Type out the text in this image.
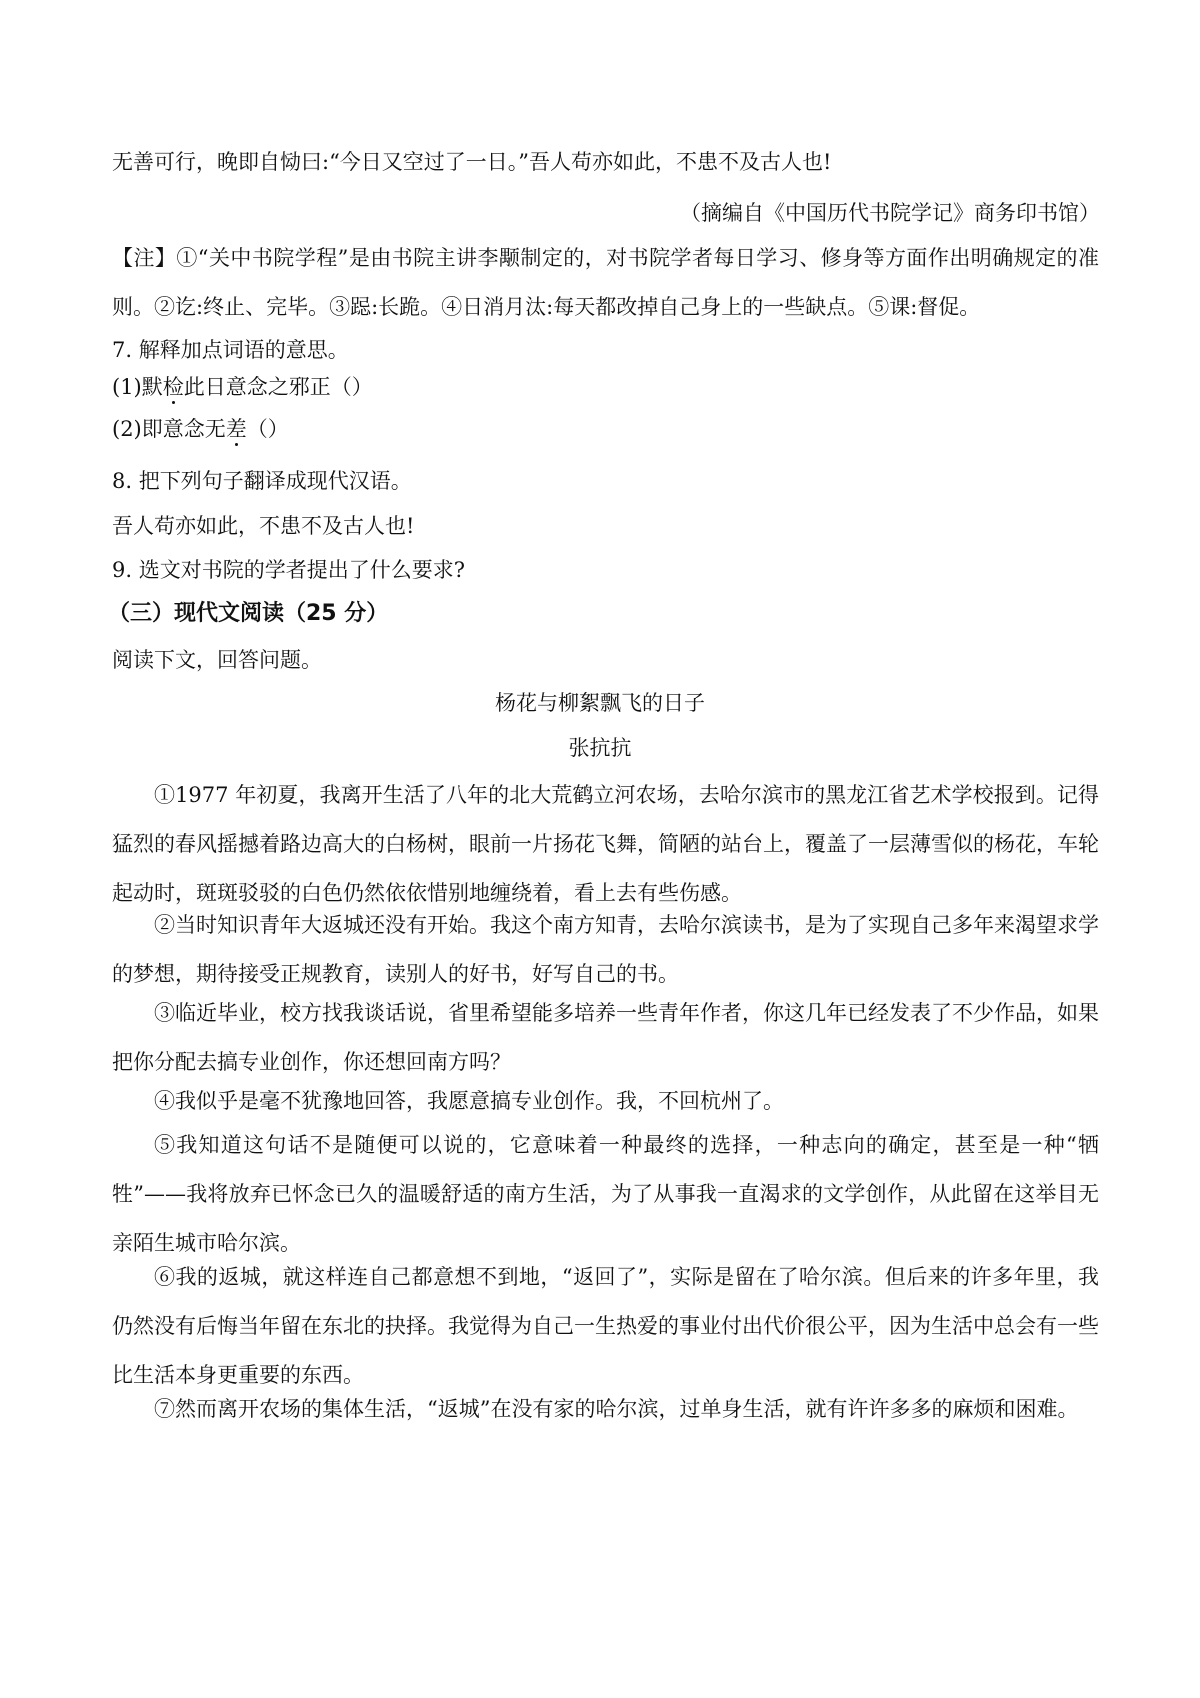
无善可行，晚即自恸曰:“今日又空过了一日。”吾人苟亦如此，不患不及古人也!
（摘编自《中国历代书院学记》商务印书馆）
【注】①“关中书院学程”是由书院主讲李颙制定的，对书院学者每日学习、修身等方面作出明确规定的准则。②讫:终止、完毕。③跽:长跪。④日消月汰:每天都改掉自己身上的一些缺点。⑤课:督促。
7. 解释加点词语的意思。
(1)默检此日意念之邪正（）
(2)即意念无差（）
8. 把下列句子翻译成现代汉语。
吾人苟亦如此，不患不及古人也!
9. 选文对书院的学者提出了什么要求?
（三）现代文阅读（25 分）
阅读下文，回答问题。
杨花与柳絮飘飞的日子
张抗抗
①1977 年初夏，我离开生活了八年的北大荒鹤立河农场，去哈尔滨市的黑龙江省艺术学校报到。记得猛烈的春风摇撼着路边高大的白杨树，眼前一片扬花飞舞，简陋的站台上，覆盖了一层薄雪似的杨花，车轮起动时，斑斑驳驳的白色仍然依依惜别地缠绕着，看上去有些伤感。
②当时知识青年大返城还没有开始。我这个南方知青，去哈尔滨读书，是为了实现自己多年来渴望求学的梦想，期待接受正规教育，读别人的好书，好写自己的书。
③临近毕业，校方找我谈话说，省里希望能多培养一些青年作者，你这几年已经发表了不少作品，如果把你分配去搞专业创作，你还想回南方吗？
④我似乎是毫不犹豫地回答，我愿意搞专业创作。我，不回杭州了。
⑤我知道这句话不是随便可以说的，它意味着一种最终的选择，一种志向的确定，甚至是一种“牺牲”——我将放弃已怀念已久的温暖舒适的南方生活，为了从事我一直渴求的文学创作，从此留在这举目无亲陌生城市哈尔滨。
⑥我的返城，就这样连自己都意想不到地，“返回了”，实际是留在了哈尔滨。但后来的许多年里，我仍然没有后悔当年留在东北的抉择。我觉得为自己一生热爱的事业付出代价很公平，因为生活中总会有一些比生活本身更重要的东西。
⑦然而离开农场的集体生活，“返城”在没有家的哈尔滨，过单身生活，就有许许多多的麻烦和困难。
